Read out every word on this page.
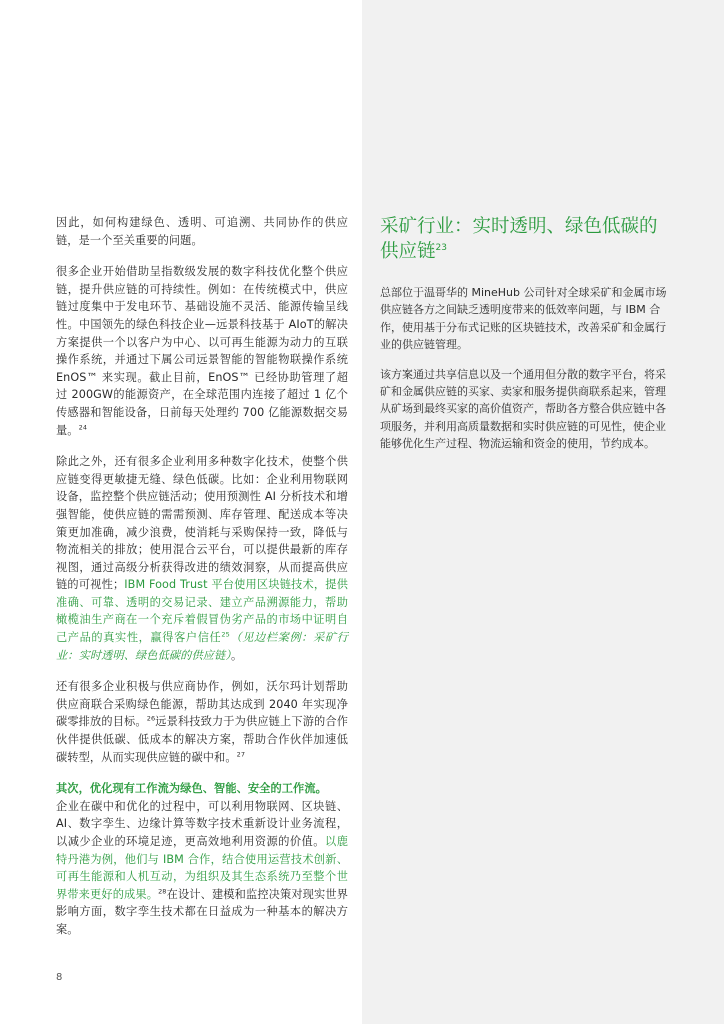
因此，如何构建绿色、透明、可追溯、共同协作的供应链，是一个至关重要的问题。

很多企业开始借助呈指数级发展的数字科技优化整个供应链，提升供应链的可持续性。例如：在传统模式中，供应链过度集中于发电环节、基础设施不灵活、能源传输呈线性。中国领先的绿色科技企业—远景科技基于 AIoT的解决方案提供一个以客户为中心、以可再生能源为动力的互联操作系统，并通过下属公司远景智能的智能物联操作系统 EnOS™ 来实现。截止目前，EnOS™ 已经协助管理了超过 200GW的能源资产，在全球范围内连接了超过 1 亿个传感器和智能设备，日前每天处理约 700 亿能源数据交易量。$^{24}$

除此之外，还有很多企业利用多种数字化技术，使整个供应链变得更敏捷无缝、绿色低碳。比如：企业利用物联网设备，监控整个供应链活动；使用预测性 AI 分析技术和增强智能，使供应链的需需预测、库存管理、配送成本等决策更加准确，减少浪费，使消耗与采购保持一致，降低与物流相关的排放；使用混合云平台，可以提供最新的库存视图，通过高级分析获得改进的绩效洞察，从而提高供应链的可视性；IBM Food Trust 平台使用区块链技术，提供准确、可靠、透明的交易记录、建立产品溯源能力，帮助橄榄油生产商在一个充斥着假冒伪劣产品的市场中证明自己产品的真实性，赢得客户信任$^{25}$（见边栏案例：采矿行业：实时透明、绿色低碳的供应链）。

还有很多企业积极与供应商协作，例如，沃尔玛计划帮助供应商联合采购绿色能源，帮助其达成到 2040 年实现净碳零排放的目标。$^{26}$远景科技致力于为供应链上下游的合作伙伴提供低碳、低成本的解决方案，帮助合作伙伴加速低碳转型，从而实现供应链的碳中和。$^{27}$

其次，优化现有工作流为绿色、智能、安全的工作流。
企业在碳中和优化的过程中，可以利用物联网、区块链、AI、数字孪生、边缘计算等数字技术重新设计业务流程，以减少企业的环境足迹，更高效地利用资源的价值。以鹿特丹港为例，他们与 IBM 合作，结合使用运营技术创新、可再生能源和人机互动，为组织及其生态系统乃至整个世界带来更好的成果。$^{28}$在设计、建模和监控决策对现实世界影响方面，数字孪生技术都在日益成为一种基本的解决方案。

采矿行业：实时透明、绿色低碳的供应链$^{23}$

总部位于温哥华的 MineHub 公司针对全球采矿和金属市场供应链各方之间缺乏透明度带来的低效率问题，与 IBM 合作，使用基于分布式记账的区块链技术，改善采矿和金属行业的供应链管理。

该方案通过共享信息以及一个通用但分散的数字平台，将采矿和金属供应链的买家、卖家和服务提供商联系起来，管理从矿场到最终买家的高价值资产，帮助各方整合供应链中各项服务，并利用高质量数据和实时供应链的可见性，使企业能够优化生产过程、物流运输和资金的使用，节约成本。

8
